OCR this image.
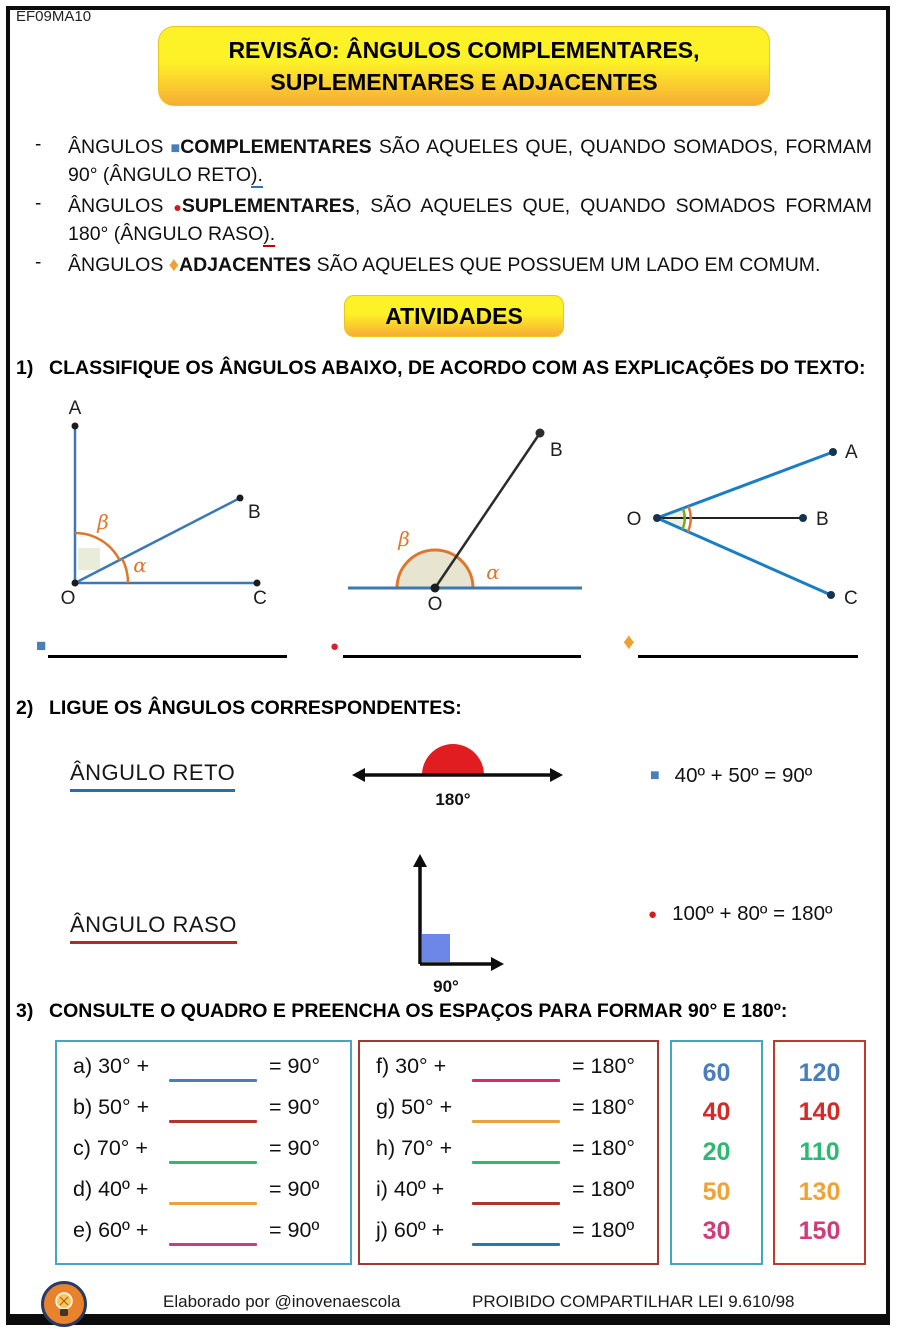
EF09MA10
REVISÃO: ÂNGULOS COMPLEMENTARES,
SUPLEMENTARES E ADJACENTES
-	ÂNGULOS ■COMPLEMENTARES SÃO AQUELES QUE, QUANDO SOMADOS, FORMAM 90° (ÂNGULO RETO).

-	ÂNGULOS ●SUPLEMENTARES, SÃO AQUELES QUE, QUANDO SOMADOS FORMAM 180° (ÂNGULO RASO).

-	ÂNGULOS ♦ADJACENTES SÃO AQUELES QUE POSSUEM UM LADO EM COMUM.

ATIVIDADES
1) CLASSIFIQUE OS ÂNGULOS ABAIXO, DE ACORDO COM AS EXPLICAÇÕES DO TEXTO:
A
B
C
O
β
α
B
O
β
α
O
A
B
C
■	●	♦
2) LIGUE OS ÂNGULOS CORRESPONDENTES:
ÂNGULO RETO
180°
■ 40º + 50º = 90º
ÂNGULO RASO
90°
● 100º + 80º = 180º
3) CONSULTE O QUADRO E PREENCHA OS ESPAÇOS PARA FORMAR 90° E 180º:
a) 30° +	= 90°
b) 50° +	= 90°
c) 70° +	= 90°
d) 40º +	= 90º
e) 60º +	= 90º
f) 30° +	= 180°
g) 50° +	= 180°
h) 70° +	= 180°
i) 40º +	= 180º
j) 60º +	= 180º
60
40
20
50
30
120
140
110
130
150
Elaborado por @inovenaescola	PROIBIDO COMPARTILHAR LEI 9.610/98
